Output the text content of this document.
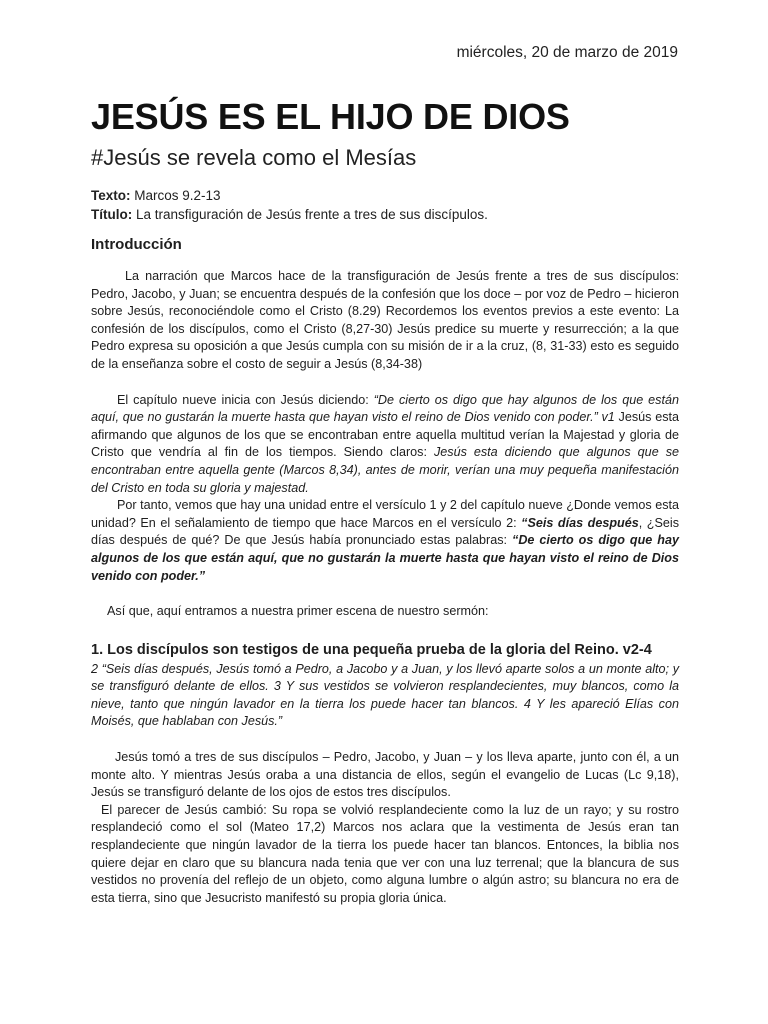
miércoles, 20 de marzo de 2019
JESÚS ES EL HIJO DE DIOS
#Jesús se revela como el Mesías
Texto: Marcos 9.2-13
Título: La transfiguración de Jesús frente a tres de sus discípulos.
Introducción

La narración que Marcos hace de la transfiguración de Jesús frente a tres de sus discípulos: Pedro, Jacobo, y Juan; se encuentra después de la confesión que los doce – por voz de Pedro – hicieron sobre Jesús, reconociéndole como el Cristo (8.29) Recordemos los eventos previos a este evento: La confesión de los discípulos, como el Cristo (8,27-30) Jesús predice su muerte y resurrección; a la que Pedro expresa su oposición a que Jesús cumpla con su misión de ir a la cruz, (8, 31-33) esto es seguido de la enseñanza sobre el costo de seguir a Jesús (8,34-38)

El capítulo nueve inicia con Jesús diciendo: “De cierto os digo que hay algunos de los que están aquí, que no gustarán la muerte hasta que hayan visto el reino de Dios venido con poder.” v1 Jesús esta afirmando que algunos de los que se encontraban entre aquella multitud verían la Majestad y gloria de Cristo que vendría al fin de los tiempos. Siendo claros: Jesús esta diciendo que algunos que se encontraban entre aquella gente (Marcos 8,34), antes de morir, verían una muy pequeña manifestación del Cristo en toda su gloria y majestad.

Por tanto, vemos que hay una unidad entre el versículo 1 y 2 del capítulo nueve ¿Donde vemos esta unidad? En el señalamiento de tiempo que hace Marcos en el versículo 2: “Seis días después, ¿Seis días después de qué? De que Jesús había pronunciado estas palabras: “De cierto os digo que hay algunos de los que están aquí, que no gustarán la muerte hasta que hayan visto el reino de Dios venido con poder.”

Así que, aquí entramos a nuestra primer escena de nuestro sermón:

1. Los discípulos son testigos de una pequeña prueba de la gloria del Reino. v2-4

2 “Seis días después, Jesús tomó a Pedro, a Jacobo y a Juan, y los llevó aparte solos a un monte alto; y se transfiguró delante de ellos. 3 Y sus vestidos se volvieron resplandecientes, muy blancos, como la nieve, tanto que ningún lavador en la tierra los puede hacer tan blancos. 4 Y les apareció Elías con Moisés, que hablaban con Jesús.”

Jesús tomó a tres de sus discípulos – Pedro, Jacobo, y Juan – y los lleva aparte, junto con él, a un monte alto. Y mientras Jesús oraba a una distancia de ellos, según el evangelio de Lucas (Lc 9,18), Jesús se transfiguró delante de los ojos de estos tres discípulos.

El parecer de Jesús cambió: Su ropa se volvió resplandeciente como la luz de un rayo; y su rostro resplandeció como el sol (Mateo 17,2) Marcos nos aclara que la vestimenta de Jesús eran tan resplandeciente que ningún lavador de la tierra los puede hacer tan blancos. Entonces, la biblia nos quiere dejar en claro que su blancura nada tenia que ver con una luz terrenal; que la blancura de sus vestidos no provenía del reflejo de un objeto, como alguna lumbre o algún astro; su blancura no era de esta tierra, sino que Jesucristo manifestó su propia gloria única.
